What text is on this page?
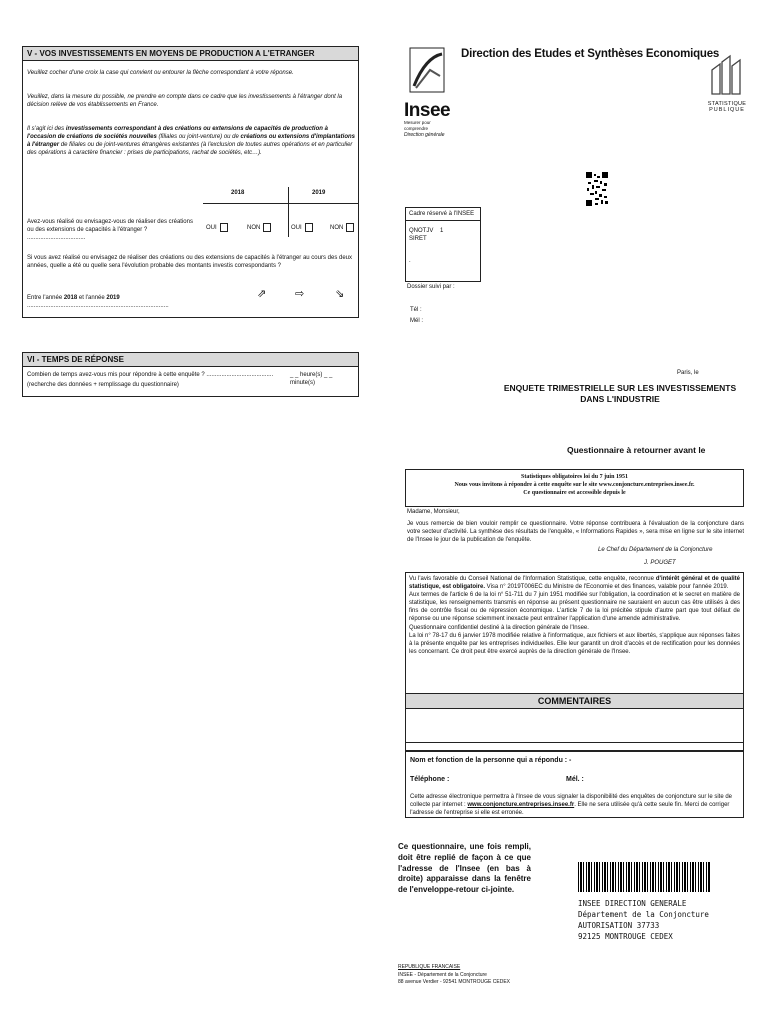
V - VOS INVESTISSEMENTS EN MOYENS DE PRODUCTION A L'ETRANGER
Veuillez cocher d'une croix la case qui convient ou entourer la flèche correspondant à votre réponse.
Veuillez, dans la mesure du possible, ne prendre en compte dans ce cadre que les investissements à l'étranger dont la décision relève de vos établissements en France.
Il s'agit ici des investissements correspondant à des créations ou extensions de capacités de production à l'occasion de créations de sociétés nouvelles (filiales ou joint-venture) ou de créations ou extensions d'implantations à l'étranger de filiales ou de joint-ventures étrangères existantes (à l'exclusion de toutes autres opérations et en particulier des opérations à caractère financier : prises de participations, rachat de sociétés, etc…).
2018	2019
Avez-vous réalisé ou envisagez-vous de réaliser des créations ou des extensions de capacités à l'étranger ? ...................................
OUI	NON	OUI	NON
Si vous avez réalisé ou envisagez de réaliser des créations ou des extensions de capacités à l'étranger au cours des deux années, quelle a été ou quelle sera l'évolution probable des montants investis correspondants ?
Entre l'année 2018 et l'année 2019 .....................................................................................
⇗	⇨	⇘
VI - TEMPS DE RÉPONSE
Combien de temps avez-vous mis pour répondre à cette enquête ? ........................................
(recherche des données + remplissage du questionnaire)
_ _ heure(s) _ _ minute(s)
Insee
Mesurer pour comprendre
Direction générale
Direction des Etudes et Synthèses Economiques
STATISTIQUE
PUBLIQUE
Cadre réservé à l'INSEE
QNOTJV    1
SIRET
.
Dossier suivi par :
Tél :
Mél :
Paris, le
ENQUETE TRIMESTRIELLE SUR LES INVESTISSEMENTS
DANS L'INDUSTRIE
Questionnaire à retourner avant le
Statistiques obligatoires loi du 7 juin 1951
Nous vous invitons à répondre à cette enquête sur le site www.conjoncture.entreprises.insee.fr.
Ce questionnaire est accessible depuis le
Madame, Monsieur,
Je vous remercie de bien vouloir remplir ce questionnaire. Votre réponse contribuera à l'évaluation de la conjoncture dans votre secteur d'activité. La synthèse des résultats de l'enquête, « Informations Rapides », sera mise en ligne sur le site internet de l'Insee le jour de la publication de l'enquête.
Le Chef du Département de la Conjoncture
J. POUGET
Vu l'avis favorable du Conseil National de l'Information Statistique, cette enquête, reconnue d'intérêt général et de qualité statistique, est obligatoire. Visa n° 2019T006EC du Ministre de l'Economie et des finances, valable pour l'année 2019.
Aux termes de l'article 6 de la loi n° 51-711 du 7 juin 1951 modifiée sur l'obligation, la coordination et le secret en matière de statistique, les renseignements transmis en réponse au présent questionnaire ne sauraient en aucun cas être utilisés à des fins de contrôle fiscal ou de répression économique. L'article 7 de la loi précitée stipule d'autre part que tout défaut de réponse ou une réponse sciemment inexacte peut entraîner l'application d'une amende administrative.
Questionnaire confidentiel destiné à la direction générale de l'Insee.
La loi n° 78-17 du 6 janvier 1978 modifiée relative à l'informatique, aux fichiers et aux libertés, s'applique aux réponses faites à la présente enquête par les entreprises individuelles. Elle leur garantit un droit d'accès et de rectification pour les données les concernant. Ce droit peut être exercé auprès de la direction générale de l'Insee.
COMMENTAIRES
Nom et fonction de la personne qui a répondu : -
Téléphone :	Mél. :
Cette adresse électronique permettra à l'Insee de vous signaler la disponibilité des enquêtes de conjoncture sur le site de collecte par internet : www.conjoncture.entreprises.insee.fr. Elle ne sera utilisée qu'à cette seule fin. Merci de corriger l'adresse de l'entreprise si elle est erronée.
Ce questionnaire, une fois rempli, doit être replié de façon à ce que l'adresse de l'Insee (en bas à droite) apparaisse dans la fenêtre de l'enveloppe-retour ci-jointe.
INSEE DIRECTION GENERALE
Département de la Conjoncture
AUTORISATION 37733
92125 MONTROUGE CEDEX
REPUBLIQUE FRANCAISE
INSEE - Département de la Conjoncture
88 avenue Verdier - 92541 MONTROUGE CEDEX
